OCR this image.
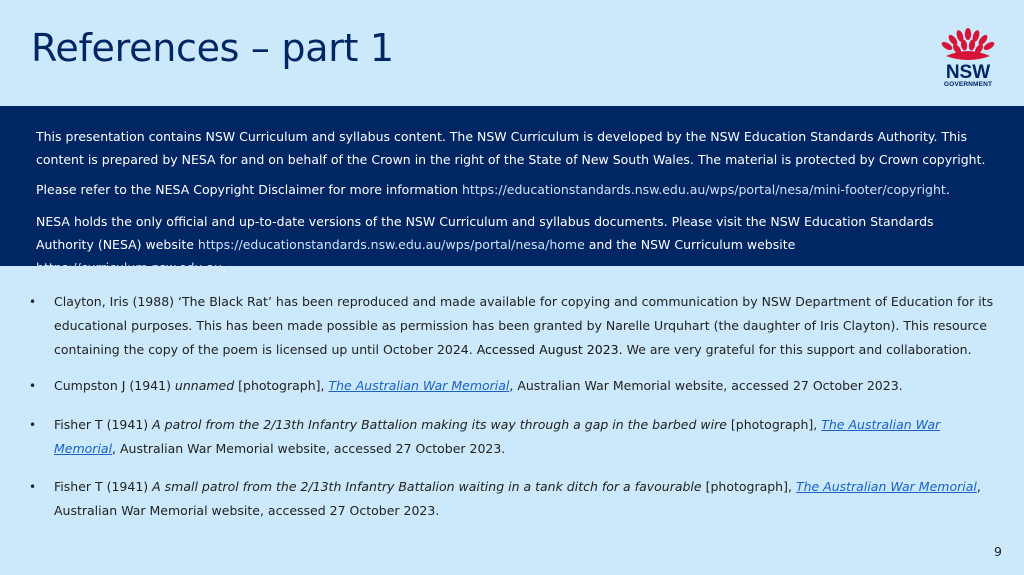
References – part 1
NSW
GOVERNMENT

This presentation contains NSW Curriculum and syllabus content. The NSW Curriculum is developed by the NSW Education Standards Authority. This content is prepared by NESA for and on behalf of the Crown in the right of the State of New South Wales. The material is protected by Crown copyright.

Please refer to the NESA Copyright Disclaimer for more information https://educationstandards.nsw.edu.au/wps/portal/nesa/mini-footer/copyright.

NESA holds the only official and up-to-date versions of the NSW Curriculum and syllabus documents. Please visit the NSW Education Standards Authority (NESA) website https://educationstandards.nsw.edu.au/wps/portal/nesa/home and the NSW Curriculum website https://curriculum.nsw.edu.au.

• Clayton, Iris (1988) ‘The Black Rat’ has been reproduced and made available for copying and communication by NSW Department of Education for its educational purposes. This has been made possible as permission has been granted by Narelle Urquhart (the daughter of Iris Clayton). This resource containing the copy of the poem is licensed up until October 2024. Accessed August 2023. We are very grateful for this support and collaboration.
• Cumpston J (1941) unnamed [photograph], The Australian War Memorial, Australian War Memorial website, accessed 27 October 2023.
• Fisher T (1941) A patrol from the 2/13th Infantry Battalion making its way through a gap in the barbed wire [photograph], The Australian War Memorial, Australian War Memorial website, accessed 27 October 2023.
• Fisher T (1941) A small patrol from the 2/13th Infantry Battalion waiting in a tank ditch for a favourable [photograph], The Australian War Memorial, Australian War Memorial website, accessed 27 October 2023.
9
